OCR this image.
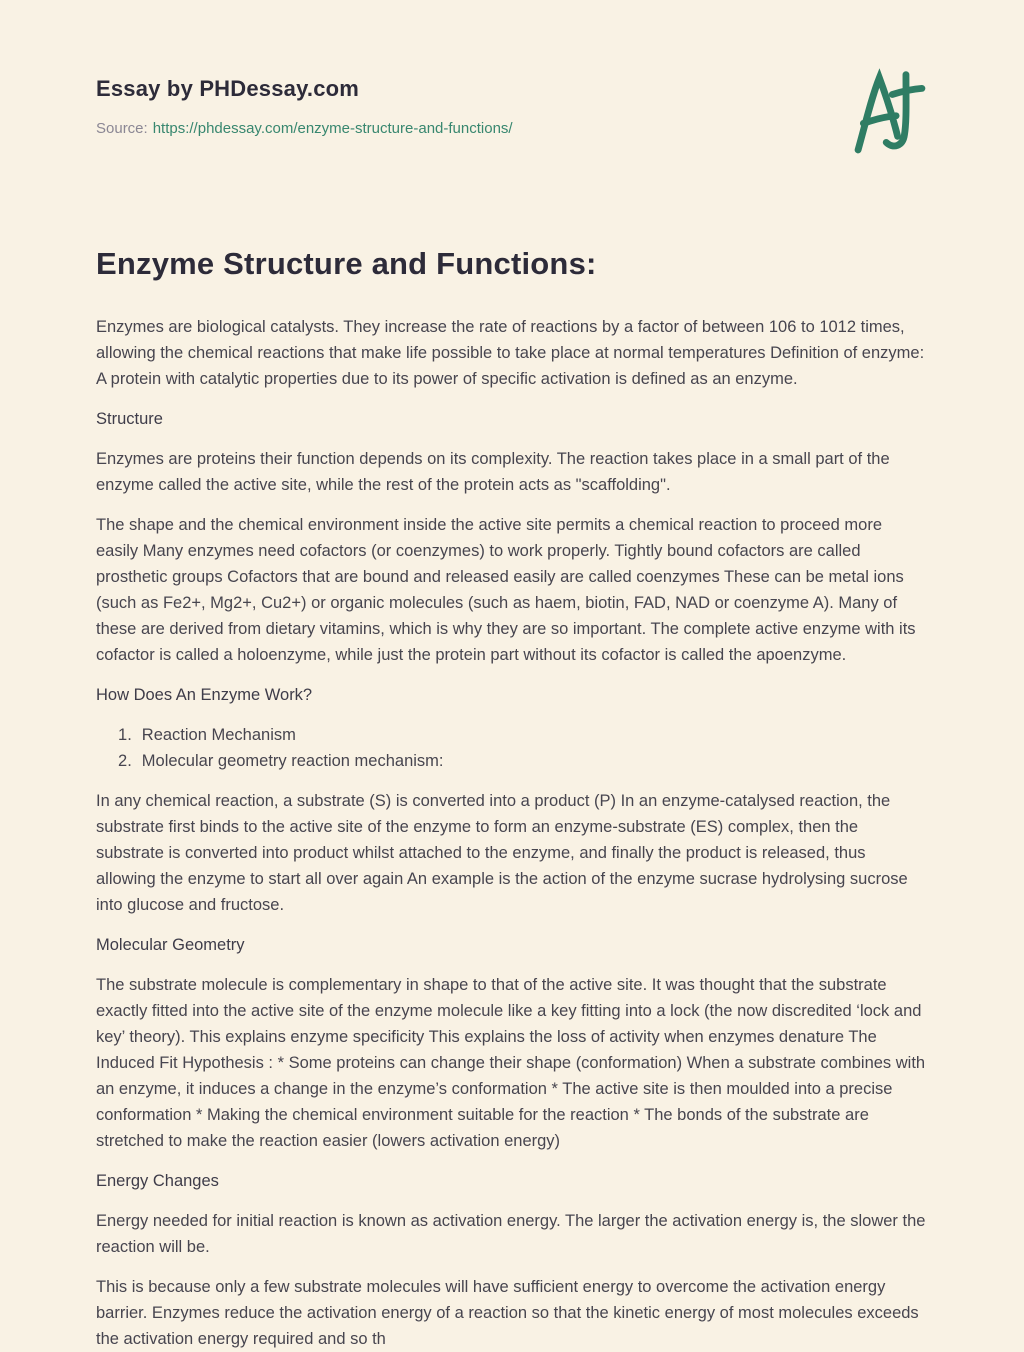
Essay by PHDessay.com
Source: https://phdessay.com/enzyme-structure-and-functions/
Enzyme Structure and Functions:

Enzymes are biological catalysts. They increase the rate of reactions by a factor of between 106 to 1012 times, allowing the chemical reactions that make life possible to take place at normal temperatures Definition of enzyme: A protein with catalytic properties due to its power of specific activation is defined as an enzyme.

Structure

Enzymes are proteins their function depends on its complexity. The reaction takes place in a small part of the enzyme called the active site, while the rest of the protein acts as "scaffolding".

The shape and the chemical environment inside the active site permits a chemical reaction to proceed more easily Many enzymes need cofactors (or coenzymes) to work properly. Tightly bound cofactors are called prosthetic groups Cofactors that are bound and released easily are called coenzymes These can be metal ions (such as Fe2+, Mg2+, Cu2+) or organic molecules (such as haem, biotin, FAD, NAD or coenzyme A). Many of these are derived from dietary vitamins, which is why they are so important. The complete active enzyme with its cofactor is called a holoenzyme, while just the protein part without its cofactor is called the apoenzyme.

How Does An Enzyme Work?

Reaction Mechanism
Molecular geometry reaction mechanism:

In any chemical reaction, a substrate (S) is converted into a product (P) In an enzyme-catalysed reaction, the substrate first binds to the active site of the enzyme to form an enzyme-substrate (ES) complex, then the substrate is converted into product whilst attached to the enzyme, and finally the product is released, thus allowing the enzyme to start all over again An example is the action of the enzyme sucrase hydrolysing sucrose into glucose and fructose.

Molecular Geometry

The substrate molecule is complementary in shape to that of the active site. It was thought that the substrate exactly fitted into the active site of the enzyme molecule like a key fitting into a lock (the now discredited ‘lock and key’ theory). This explains enzyme specificity This explains the loss of activity when enzymes denature The Induced Fit Hypothesis : * Some proteins can change their shape (conformation) When a substrate combines with an enzyme, it induces a change in the enzyme’s conformation * The active site is then moulded into a precise conformation * Making the chemical environment suitable for the reaction * The bonds of the substrate are stretched to make the reaction easier (lowers activation energy)

Energy Changes

Energy needed for initial reaction is known as activation energy. The larger the activation energy is, the slower the reaction will be.

This is because only a few substrate molecules will have sufficient energy to overcome the activation energy barrier. Enzymes reduce the activation energy of a reaction so that the kinetic energy of most molecules exceeds the activation energy required and so th
